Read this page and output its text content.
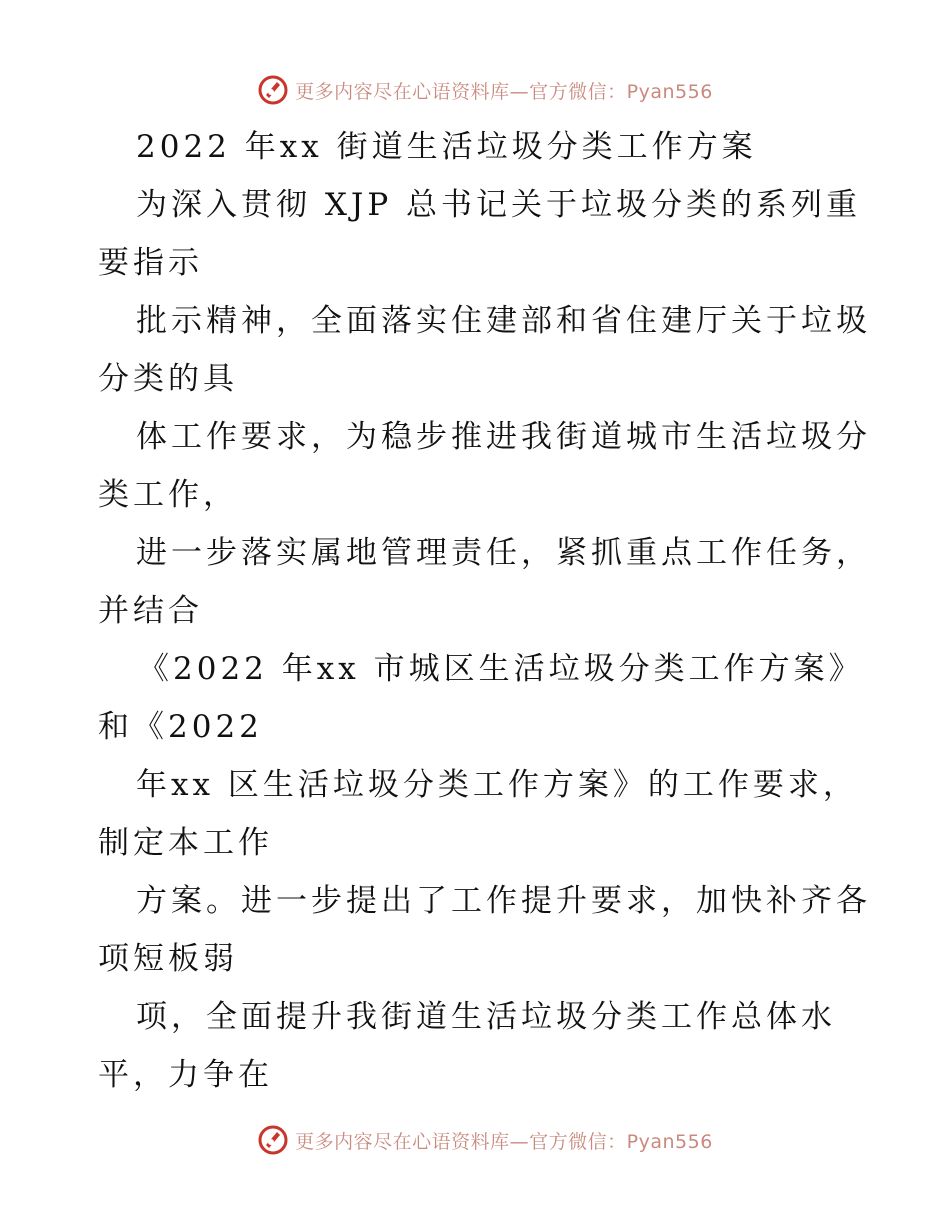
更多内容尽在心语资料库—官方微信：Pyan556
2022 年xx 街道生活垃圾分类工作方案
为深入贯彻 XJP 总书记关于垃圾分类的系列重
要指示
批示精神，全面落实住建部和省住建厅关于垃圾
分类的具
体工作要求，为稳步推进我街道城市生活垃圾分
类工作，
进一步落实属地管理责任，紧抓重点工作任务，
并结合
《2022 年xx 市城区生活垃圾分类工作方案》
和《2022
年xx 区生活垃圾分类工作方案》的工作要求，
制定本工作
方案。进一步提出了工作提升要求，加快补齐各
项短板弱
项，全面提升我街道生活垃圾分类工作总体水
平，力争在
更多内容尽在心语资料库—官方微信：Pyan556
